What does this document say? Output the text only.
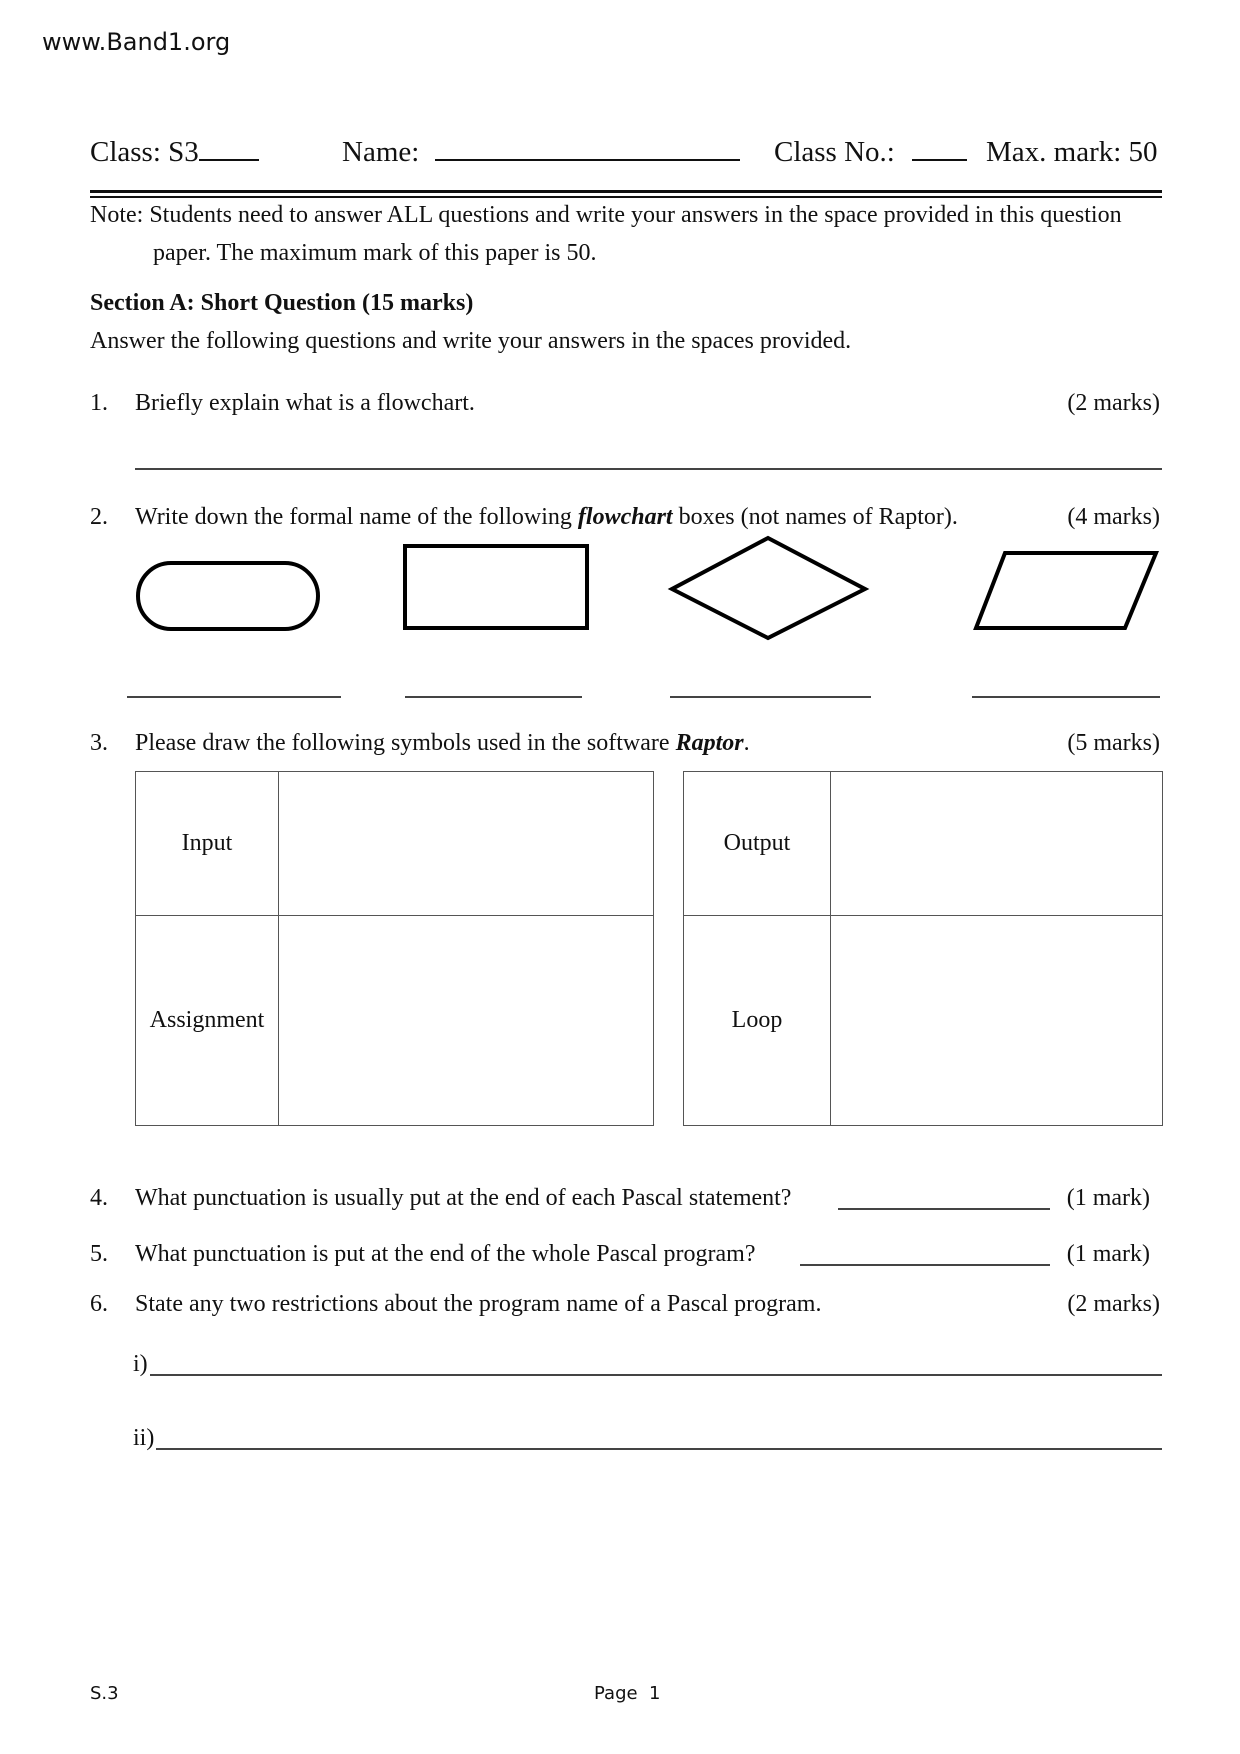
www.Band1.org
Class: S3	Name:	Class No.:	Max. mark: 50
Note: Students need to answer ALL questions and write your answers in the space provided in this question
paper. The maximum mark of this paper is 50.
Section A: Short Question (15 marks)
Answer the following questions and write your answers in the spaces provided.
1. Briefly explain what is a flowchart.	(2 marks)
2. Write down the formal name of the following flowchart boxes (not names of Raptor).	(4 marks)
3. Please draw the following symbols used in the software Raptor.	(5 marks)
Input	

Assignment	

Output	

Loop	

4. What punctuation is usually put at the end of each Pascal statement?	(1 mark)
5. What punctuation is put at the end of the whole Pascal program?	(1 mark)
6. State any two restrictions about the program name of a Pascal program.	(2 marks)
i)
ii)
S.3	Page  1
